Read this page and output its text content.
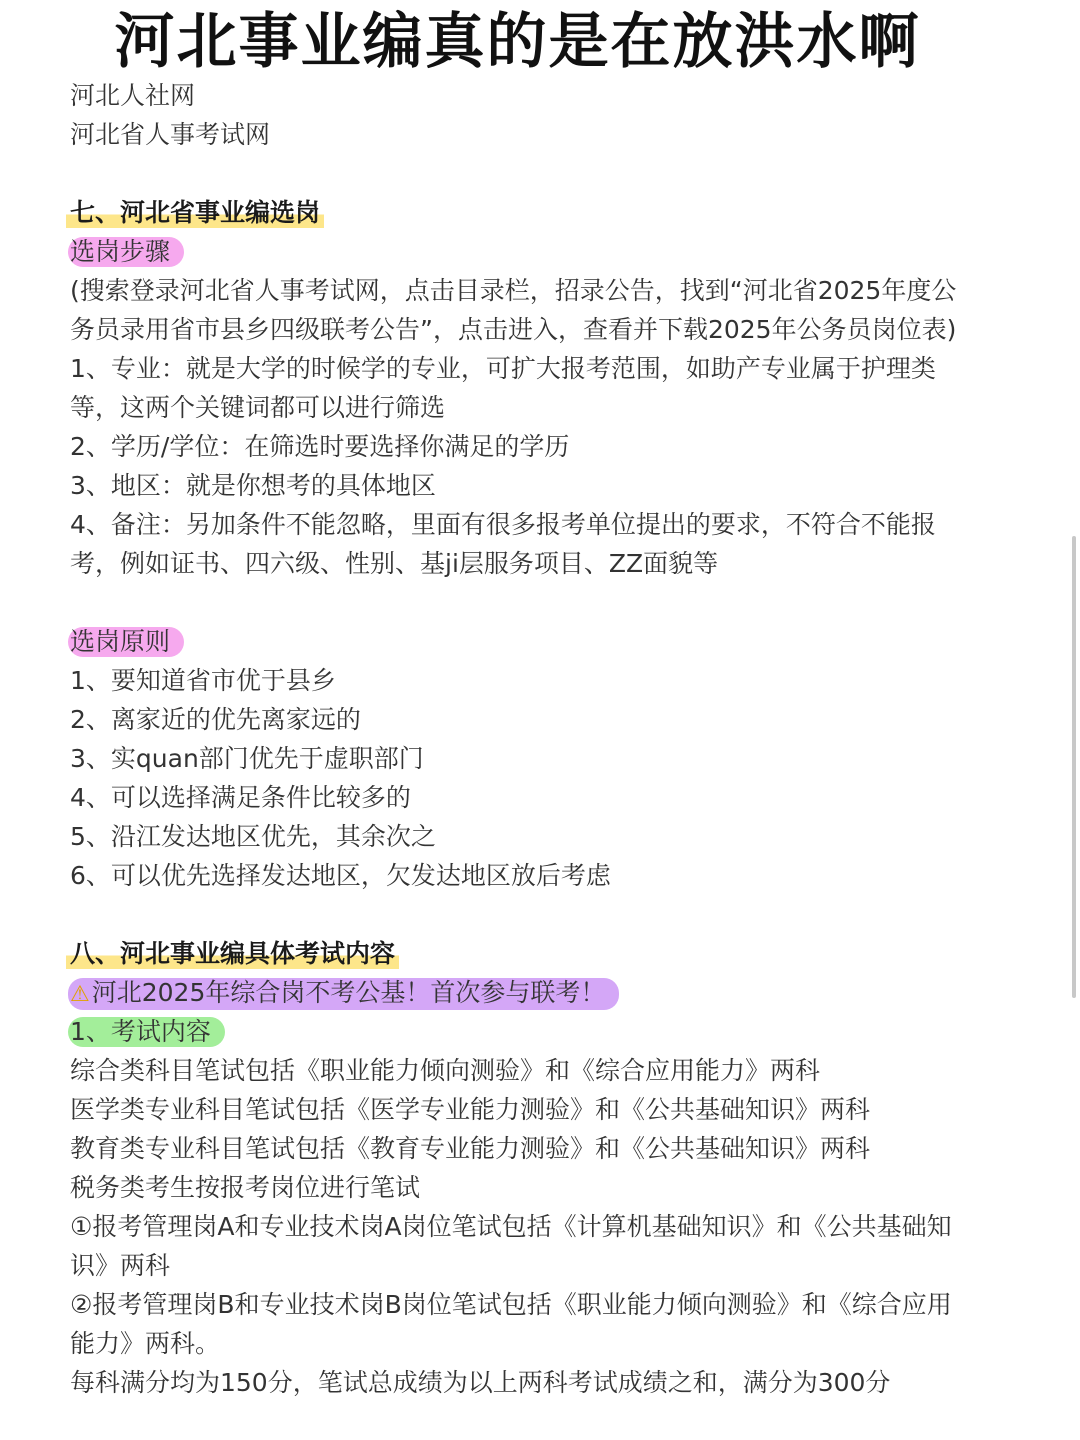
河北事业编真的是在放洪水啊
河北人社网
河北省人事考试网
七、河北省事业编选岗
选岗步骤
(搜索登录河北省人事考试网，点击目录栏，招录公告，找到“河北省2025年度公
务员录用省市县乡四级联考公告”，点击进入，查看并下载2025年公务员岗位表)
1、专业：就是大学的时候学的专业，可扩大报考范围，如助产专业属于护理类
等，这两个关键词都可以进行筛选
2、学历/学位：在筛选时要选择你满足的学历
3、地区：就是你想考的具体地区
4、备注：另加条件不能忽略，里面有很多报考单位提出的要求，不符合不能报
考，例如证书、四六级、性别、基ji层服务项目、ZZ面貌等
选岗原则
1、要知道省市优于县乡
2、离家近的优先离家远的
3、实quan部门优先于虚职部门
4、可以选择满足条件比较多的
5、沿江发达地区优先，其余次之
6、可以优先选择发达地区，欠发达地区放后考虑
八、河北事业编具体考试内容
⚠河北2025年综合岗不考公基！首次参与联考！
1、考试内容
综合类科目笔试包括《职业能力倾向测验》和《综合应用能力》两科
医学类专业科目笔试包括《医学专业能力测验》和《公共基础知识》两科
教育类专业科目笔试包括《教育专业能力测验》和《公共基础知识》两科
税务类考生按报考岗位进行笔试
①报考管理岗A和专业技术岗A岗位笔试包括《计算机基础知识》和《公共基础知
识》两科
②报考管理岗B和专业技术岗B岗位笔试包括《职业能力倾向测验》和《综合应用
能力》两科。
每科满分均为150分，笔试总成绩为以上两科考试成绩之和，满分为300分
